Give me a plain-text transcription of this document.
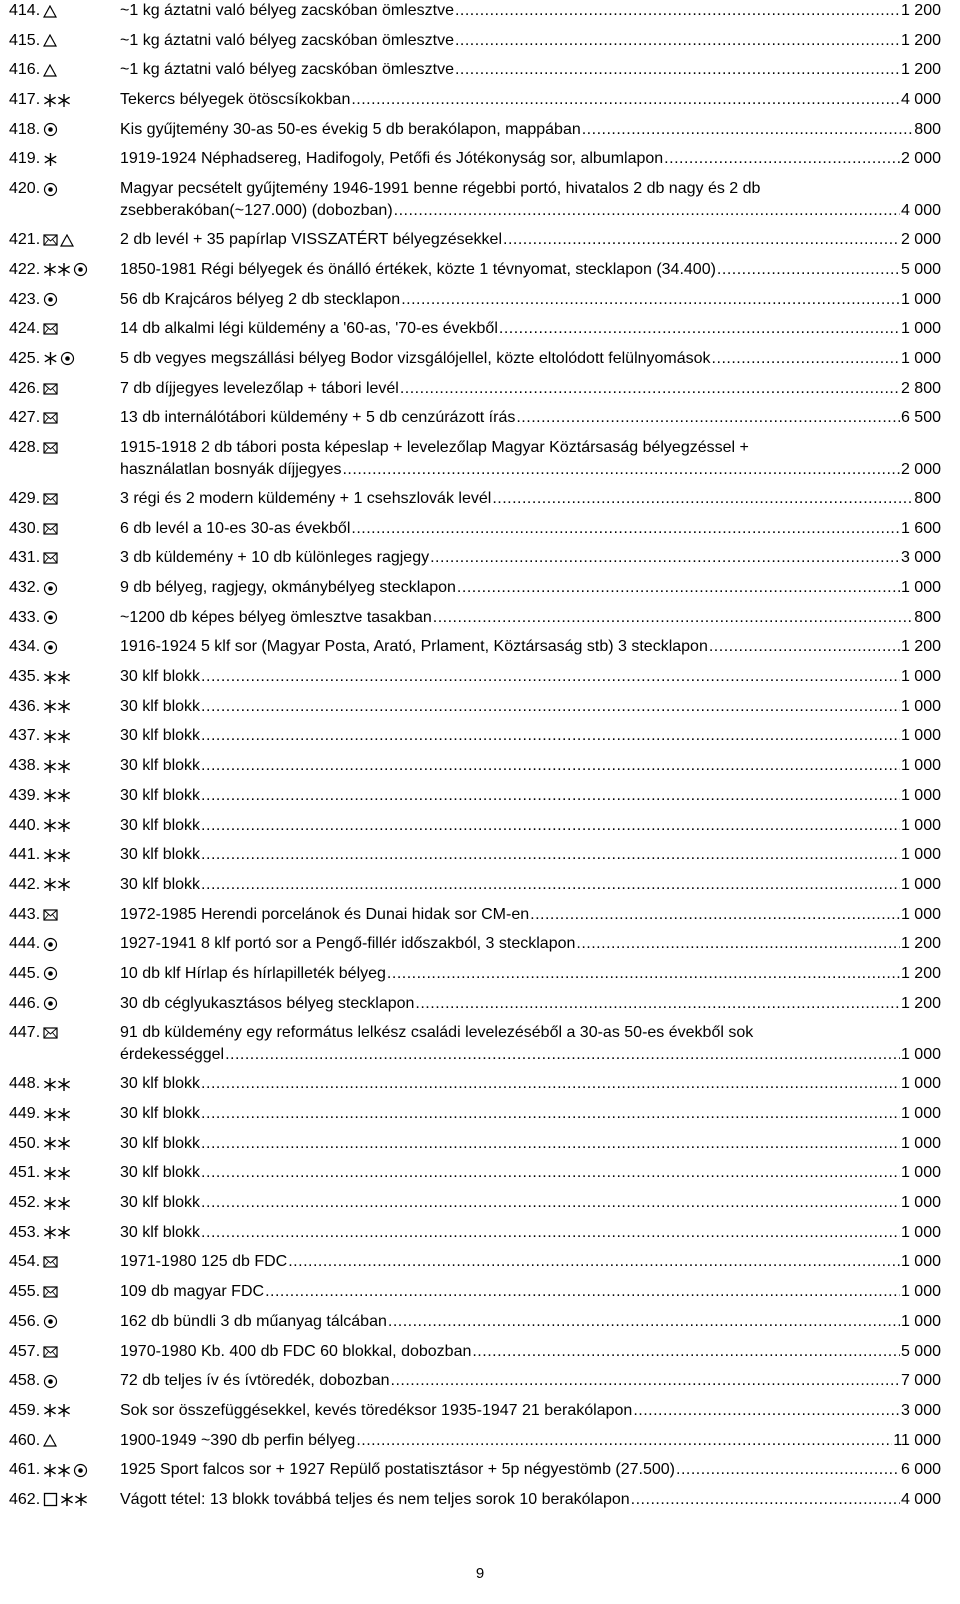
414.	~1 kg áztatni való bélyeg zacskóban ömlesztve .....	1 200
415.	~1 kg áztatni való bélyeg zacskóban ömlesztve .....	1 200
416.	~1 kg áztatni való bélyeg zacskóban ömlesztve .....	1 200
417.	Tekercs bélyegek ötöscsíkokban .....	4 000
418.	Kis gyűjtemény 30-as 50-es évekig 5 db berakólapon, mappában .....	800
419.	1919-1924 Néphadsereg, Hadifogoly, Petőfi és Jótékonyság sor, albumlapon .....	2 000
420.	Magyar pecsételt gyűjtemény 1946-1991 benne régebbi portó, hivatalos 2 db nagy és 2 db
zsebberakóban(~127.000) (dobozban) .....	4 000
421.	2 db levél + 35 papírlap VISSZATÉRT bélyegzésekkel .....	2 000
422.	1850-1981 Régi bélyegek és önálló értékek, közte 1 tévnyomat, stecklapon (34.400) .....	5 000
423.	56 db Krajcáros bélyeg 2 db stecklapon .....	1 000
424.	14 db alkalmi légi küldemény a '60-as, '70-es évekből .....	1 000
425.	5 db vegyes megszállási bélyeg Bodor vizsgálójellel, közte eltolódott felülnyomások .....	1 000
426.	7 db díjjegyes levelezőlap + tábori levél .....	2 800
427.	13 db internálótábori küldemény + 5 db cenzúrázott írás .....	6 500
428.	1915-1918 2 db tábori posta képeslap + levelezőlap Magyar Köztársaság bélyegzéssel +
használatlan bosnyák díjjegyes .....	2 000
429.	3 régi és 2 modern küldemény + 1 csehszlovák levél .....	800
430.	6 db levél a 10-es 30-as évekből .....	1 600
431.	3 db küldemény + 10 db különleges ragjegy .....	3 000
432.	9 db bélyeg, ragjegy, okmánybélyeg stecklapon .....	1 000
433.	~1200 db képes bélyeg ömlesztve tasakban .....	800
434.	1916-1924 5 klf sor (Magyar Posta, Arató, Prlament, Köztársaság stb) 3 stecklapon .....	1 200
435.	30 klf blokk .....	1 000
436.	30 klf blokk .....	1 000
437.	30 klf blokk .....	1 000
438.	30 klf blokk .....	1 000
439.	30 klf blokk .....	1 000
440.	30 klf blokk .....	1 000
441.	30 klf blokk .....	1 000
442.	30 klf blokk .....	1 000
443.	1972-1985 Herendi porcelánok és Dunai hidak sor CM-en .....	1 000
444.	1927-1941 8 klf portó sor a Pengő-fillér időszakból, 3 stecklapon .....	1 200
445.	10 db klf Hírlap és hírlapilleték bélyeg .....	1 200
446.	30 db céglyukasztásos bélyeg stecklapon .....	1 200
447.	91 db küldemény egy református lelkész családi levelezéséből a 30-as 50-es évekből sok
érdekességgel .....	1 000
448.	30 klf blokk .....	1 000
449.	30 klf blokk .....	1 000
450.	30 klf blokk .....	1 000
451.	30 klf blokk .....	1 000
452.	30 klf blokk .....	1 000
453.	30 klf blokk .....	1 000
454.	1971-1980 125 db FDC .....	1 000
455.	109 db magyar FDC .....	1 000
456.	162 db bündli 3 db műanyag tálcában .....	1 000
457.	1970-1980 Kb. 400 db FDC 60 blokkal, dobozban .....	5 000
458.	72 db teljes ív és ívtöredék, dobozban .....	7 000
459.	Sok sor összefüggésekkel, kevés töredéksor 1935-1947 21 berakólapon .....	3 000
460.	1900-1949 ~390 db perfin bélyeg .....	11 000
461.	1925 Sport falcos sor + 1927 Repülő postatisztásor + 5p négyestömb (27.500) .....	6 000
462.	Vágott tétel: 13 blokk továbbá teljes és nem teljes sorok 10 berakólapon .....	4 000
9
